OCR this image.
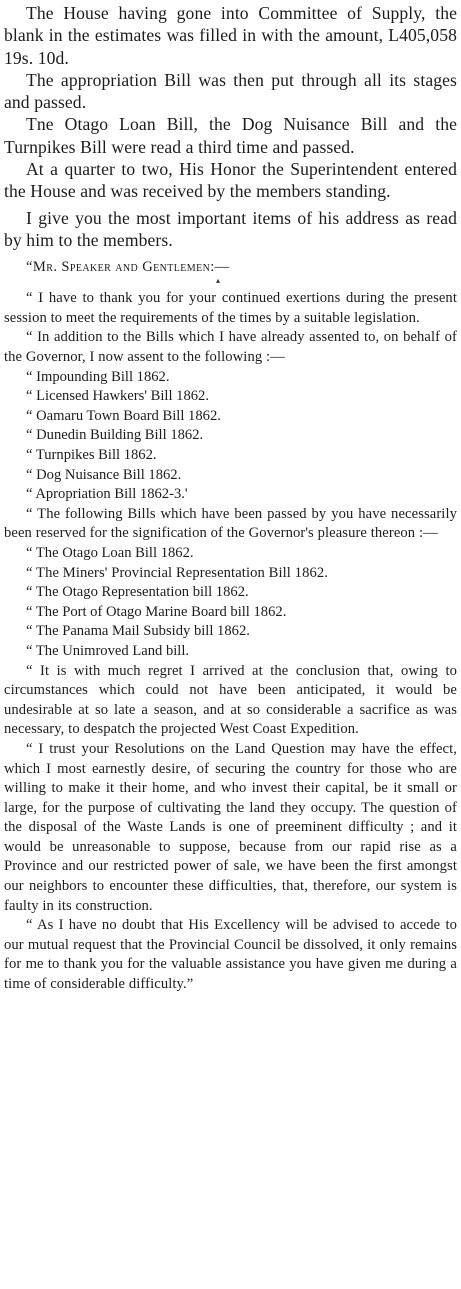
The House having gone into Committee of Supply, the blank in the estimates was filled in with the amount, L405,058 19s. 10d.

The appropriation Bill was then put through all its stages and passed.

Tne Otago Loan Bill, the Dog Nuisance Bill and the Turnpikes Bill were read a third time and passed.

At a quarter to two, His Honor the Superintendent entered the House and was received by the members standing.

I give you the most important items of his address as read by him to the members.

“Mr. Speaker and Gentlemen:—
▴

“ I have to thank you for your continued exertions during the present session to meet the requirements of the times by a suitable legislation.

“ In addition to the Bills which I have already assented to, on behalf of the Governor, I now assent to the following :—

“ Impounding Bill 1862.

“ Licensed Hawkers' Bill 1862.

“ Oamaru Town Board Bill 1862.

“ Dunedin Building Bill 1862.

“ Turnpikes Bill 1862.

“ Dog Nuisance Bill 1862.

“ Apropriation Bill 1862-3.'

“ The following Bills which have been passed by you have necessarily been reserved for the signification of the Governor's pleasure thereon :—

“ The Otago Loan Bill 1862.

“ The Miners' Provincial Representation Bill 1862.

“ The Otago Representation bill 1862.

“ The Port of Otago Marine Board bill 1862.

“ The Panama Mail Subsidy bill 1862.

“ The Unimroved Land bill.

“ It is with much regret I arrived at the conclusion that, owing to circumstances which could not have been anticipated, it would be undesirable at so late a season, and at so considerable a sacrifice as was necessary, to despatch the projected West Coast Expedition.

“ I trust your Resolutions on the Land Question may have the effect, which I most earnestly desire, of securing the country for those who are willing to make it their home, and who invest their capital, be it small or large, for the purpose of cultivating the land they occupy. The question of the disposal of the Waste Lands is one of preeminent difficulty ; and it would be unreasonable to suppose, because from our rapid rise as a Province and our restricted power of sale, we have been the first amongst our neighbors to encounter these difficulties, that, therefore, our system is faulty in its construction.

“ As I have no doubt that His Excellency will be advised to accede to our mutual request that the Provincial Council be dissolved, it only remains for me to thank you for the valuable assistance you have given me during a time of considerable difficulty.”
